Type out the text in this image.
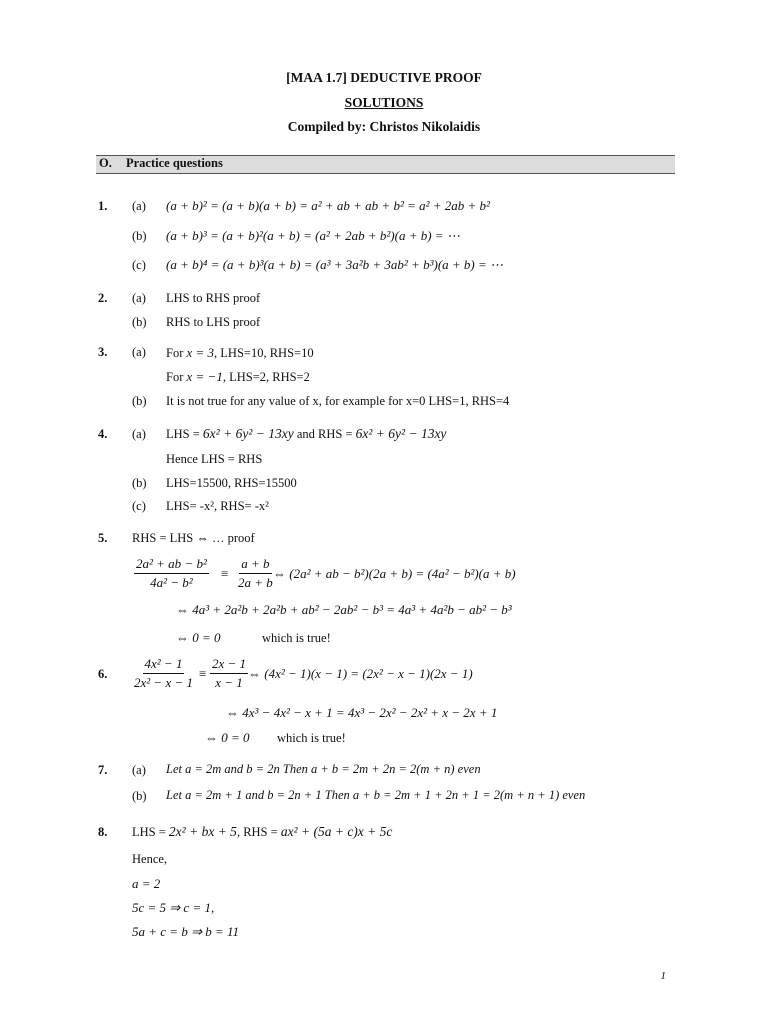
[MAA 1.7] DEDUCTIVE PROOF
SOLUTIONS
Compiled by: Christos Nikolaidis
O. Practice questions
1. (a) (a + b)² = (a + b)(a + b) = a² + ab + ab + b² = a² + 2ab + b²
(b) (a + b)³ = (a + b)²(a + b) = (a² + 2ab + b²)(a + b) = ⋯
(c) (a + b)⁴ = (a + b)³(a + b) = (a³ + 3a²b + 3ab² + b³)(a + b) = ⋯
2. (a) LHS to RHS proof
(b) RHS to LHS proof
3. (a) For x = 3, LHS=10, RHS=10
For x = −1, LHS=2, RHS=2
(b) It is not true for any value of x, for example for x=0 LHS=1, RHS=4
4. (a) LHS = 6x² + 6y² − 13xy and RHS = 6x² + 6y² − 13xy
Hence LHS = RHS
(b) LHS=15500, RHS=15500
(c) LHS= -x², RHS= -x²
5. RHS = LHS ⇔ … proof
$\frac{\text{2a² + ab − b²}}{\text{4a² − b²}} \equiv \frac{a + b}{2a + b}$
⇔ (2a² + ab − b²)(2a + b) = (4a² − b²)(a + b)
⇔ 4a³ + 2a²b + 2a²b + ab² − 2ab² − b³ = 4a³ + 4a²b − ab² − b³
⇔ 0 = 0	which is true!
6. $\frac{\text{4x² − 1}}{\text{2x² − x − 1}} \equiv \frac{2x - 1}{x - 1}$ ⇔ (4x² − 1)(x − 1) = (2x² − x − 1)(2x − 1)
⇔ 4x³ − 4x² − x + 1 = 4x³ − 2x² − 2x² + x − 2x + 1
⇔ 0 = 0 which is true!
7. (a) Let a = 2m and b = 2n Then a + b = 2m + 2n = 2(m + n) even
(b) Let a = 2m + 1 and b = 2n + 1 Then a + b = 2m + 1 + 2n + 1 = 2(m + n + 1) even
8. LHS = 2x² + bx + 5, RHS = ax² + (5a + c)x + 5c
Hence,
a = 2
5c = 5 ⇒ c = 1,
5a + c = b ⇒ b = 11
1
